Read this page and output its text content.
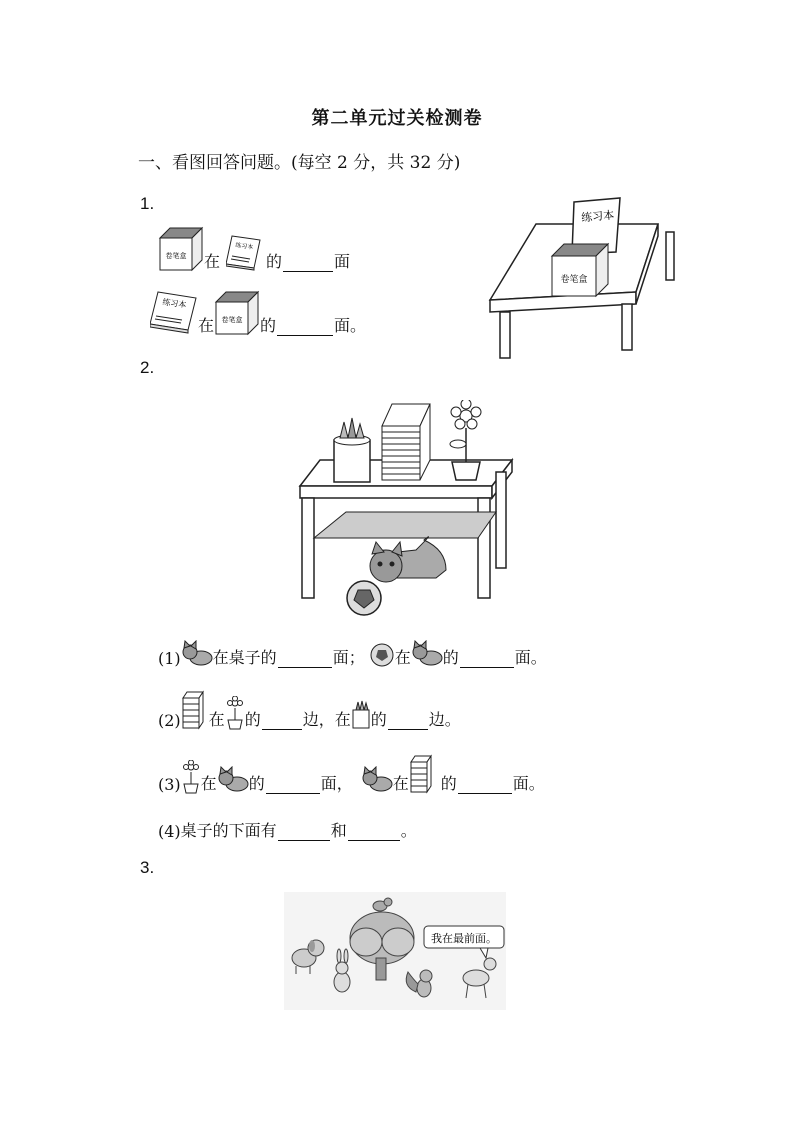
第二单元过关检测卷
一、看图回答问题。(每空 2 分，共 32 分)
1.
卷笔盒 在
练习本
的	面
练习本
在 卷笔盒 的	面。
练习本
卷笔盒
2.
(1) 在桌子的	面； 在 的	面。
(2) 在 的	边，在 的	边。
(3) 在 的	面，	在 的	面。
(4) 桌子的下面有	和	。
3.
我在最前面。
